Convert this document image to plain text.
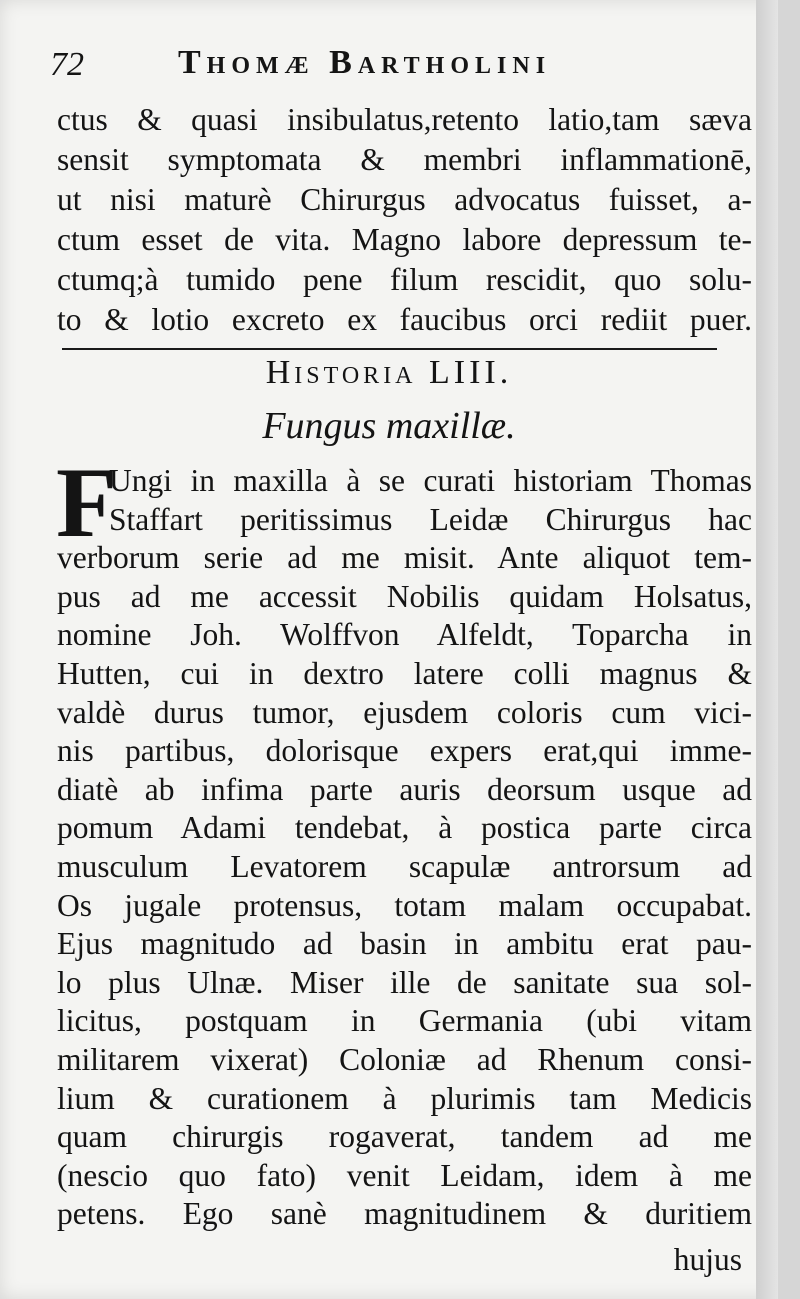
72	Thomæ Bartholini
ctus & quasi insibulatus,retento latio,tam sæva
sensit symptomata & membri inflammationē,
ut nisi maturè Chirurgus advocatus fuisset, a-
ctum esset de vita. Magno labore depressum te-
ctumq;à tumido pene filum rescidit, quo solu-
to & lotio excreto ex faucibus orci rediit puer.
Historia LIII.
Fungus maxillæ.
F
Ungi in maxilla à se curati historiam Thomas
Staffart peritissimus Leidæ Chirurgus hac
verborum serie ad me misit. Ante aliquot tem-
pus ad me accessit Nobilis quidam Holsatus,
nomine Joh. Wolffvon Alfeldt, Toparcha in
Hutten, cui in dextro latere colli magnus &
valdè durus tumor, ejusdem coloris cum vici-
nis partibus, dolorisque expers erat,qui imme-
diatè ab infima parte auris deorsum usque ad
pomum Adami tendebat, à postica parte circa
musculum Levatorem scapulæ antrorsum ad
Os jugale protensus, totam malam occupabat.
Ejus magnitudo ad basin in ambitu erat pau-
lo plus Ulnæ. Miser ille de sanitate sua sol-
licitus, postquam in Germania (ubi vitam
militarem vixerat) Coloniæ ad Rhenum consi-
lium & curationem à plurimis tam Medicis
quam chirurgis rogaverat, tandem ad me
(nescio quo fato) venit Leidam, idem à me
petens. Ego sanè magnitudinem & duritiem
hujus
